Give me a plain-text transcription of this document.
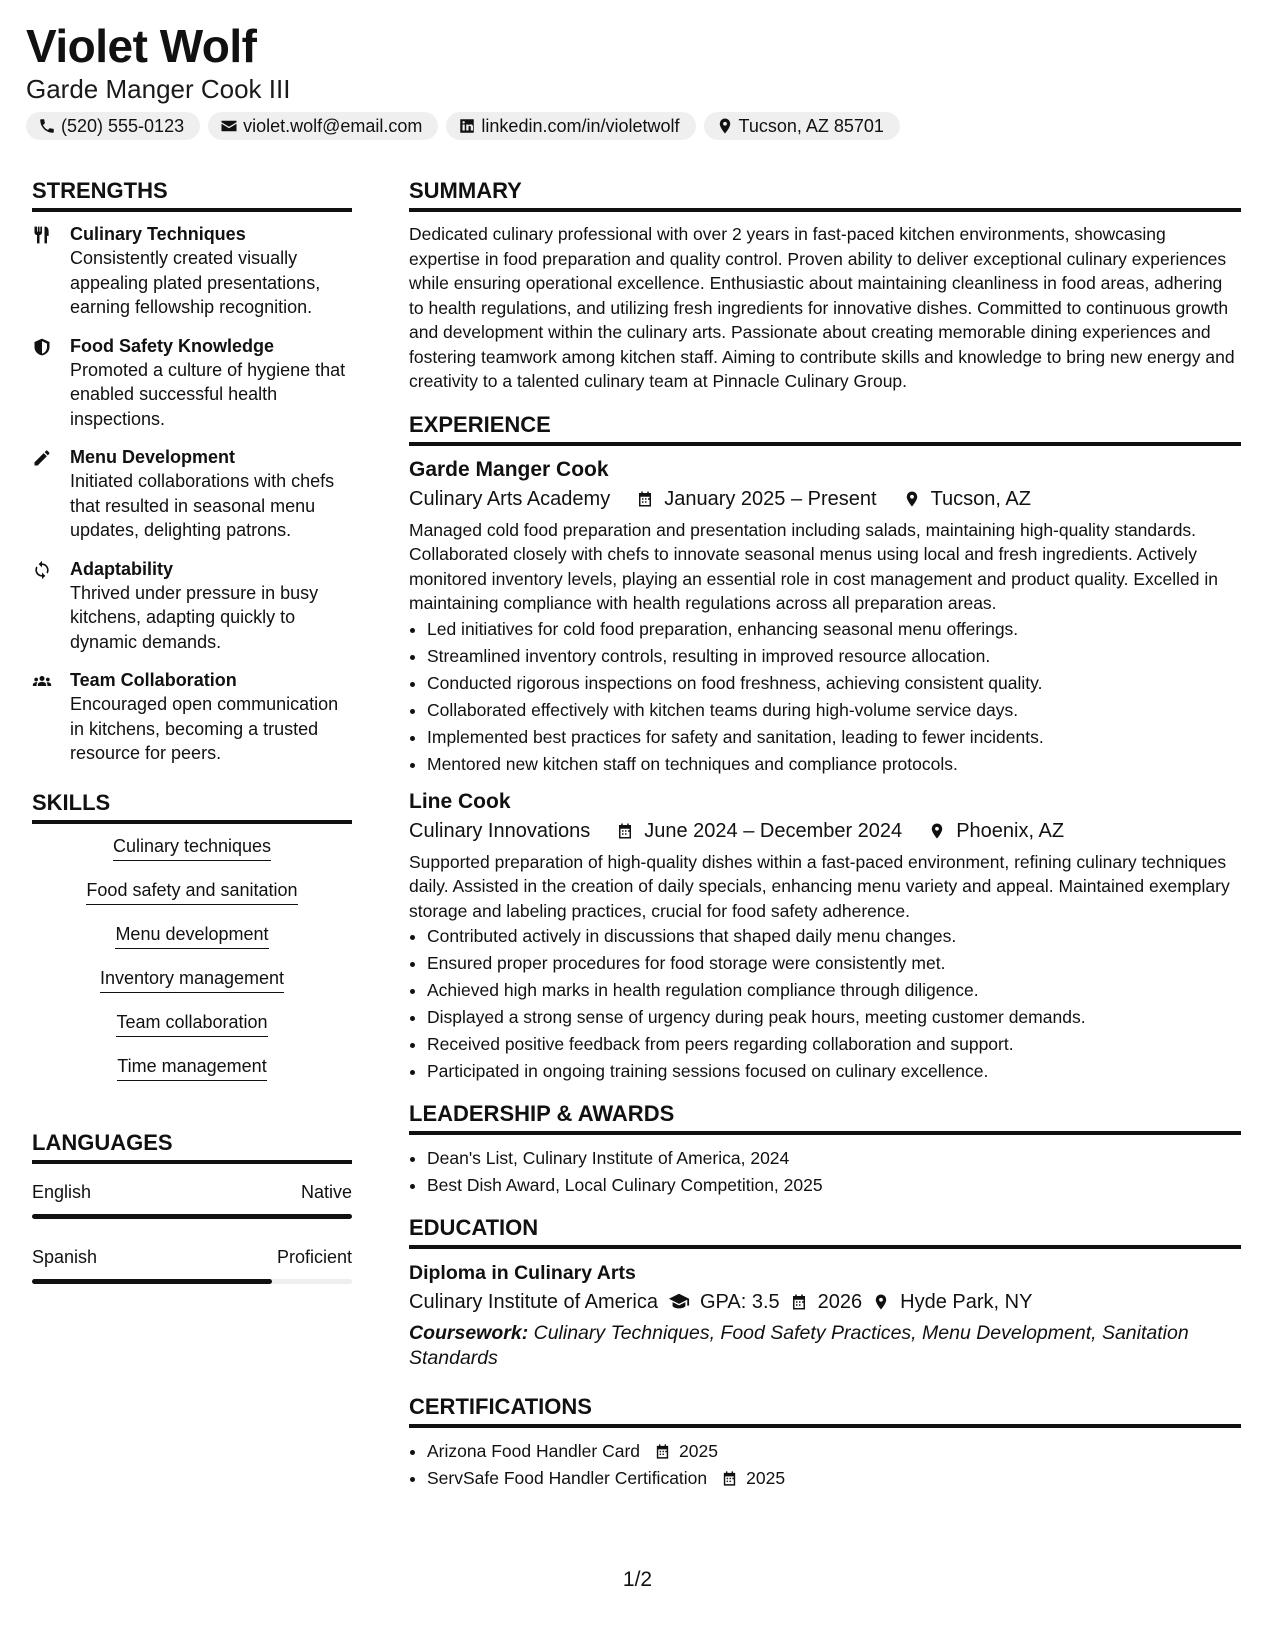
Violet Wolf
Garde Manger Cook III
(520) 555-0123	violet.wolf@email.com	linkedin.com/in/violetwolf	Tucson, AZ 85701
STRENGTHS
Culinary Techniques
Consistently created visually appealing plated presentations, earning fellowship recognition.
Food Safety Knowledge
Promoted a culture of hygiene that enabled successful health inspections.
Menu Development
Initiated collaborations with chefs that resulted in seasonal menu updates, delighting patrons.
Adaptability
Thrived under pressure in busy kitchens, adapting quickly to dynamic demands.
Team Collaboration
Encouraged open communication in kitchens, becoming a trusted resource for peers.
SKILLS
Culinary techniques
Food safety and sanitation
Menu development
Inventory management
Team collaboration
Time management
LANGUAGES
English	Native
Spanish	Proficient
SUMMARY

Dedicated culinary professional with over 2 years in fast-paced kitchen environments, showcasing expertise in food preparation and quality control. Proven ability to deliver exceptional culinary experiences while ensuring operational excellence. Enthusiastic about maintaining cleanliness in food areas, adhering to health regulations, and utilizing fresh ingredients for innovative dishes. Committed to continuous growth and development within the culinary arts. Passionate about creating memorable dining experiences and fostering teamwork among kitchen staff. Aiming to contribute skills and knowledge to bring new energy and creativity to a talented culinary team at Pinnacle Culinary Group.

EXPERIENCE
Garde Manger Cook
Culinary Arts Academy	January 2025 – Present	Tucson, AZ

Managed cold food preparation and presentation including salads, maintaining high-quality standards. Collaborated closely with chefs to innovate seasonal menus using local and fresh ingredients. Actively monitored inventory levels, playing an essential role in cost management and product quality. Excelled in maintaining compliance with health regulations across all preparation areas.

• Led initiatives for cold food preparation, enhancing seasonal menu offerings.
• Streamlined inventory controls, resulting in improved resource allocation.
• Conducted rigorous inspections on food freshness, achieving consistent quality.
• Collaborated effectively with kitchen teams during high-volume service days.
• Implemented best practices for safety and sanitation, leading to fewer incidents.
• Mentored new kitchen staff on techniques and compliance protocols.
Line Cook
Culinary Innovations	June 2024 – December 2024	Phoenix, AZ

Supported preparation of high-quality dishes within a fast-paced environment, refining culinary techniques daily. Assisted in the creation of daily specials, enhancing menu variety and appeal. Maintained exemplary storage and labeling practices, crucial for food safety adherence.

• Contributed actively in discussions that shaped daily menu changes.
• Ensured proper procedures for food storage were consistently met.
• Achieved high marks in health regulation compliance through diligence.
• Displayed a strong sense of urgency during peak hours, meeting customer demands.
• Received positive feedback from peers regarding collaboration and support.
• Participated in ongoing training sessions focused on culinary excellence.
LEADERSHIP & AWARDS
• Dean's List, Culinary Institute of America, 2024
• Best Dish Award, Local Culinary Competition, 2025
EDUCATION
Diploma in Culinary Arts
Culinary Institute of America GPA: 3.5 2026 Hyde Park, NY
Coursework: Culinary Techniques, Food Safety Practices, Menu Development, Sanitation Standards
CERTIFICATIONS
• Arizona Food Handler Card 2025
• ServSafe Food Handler Certification 2025
1/2
